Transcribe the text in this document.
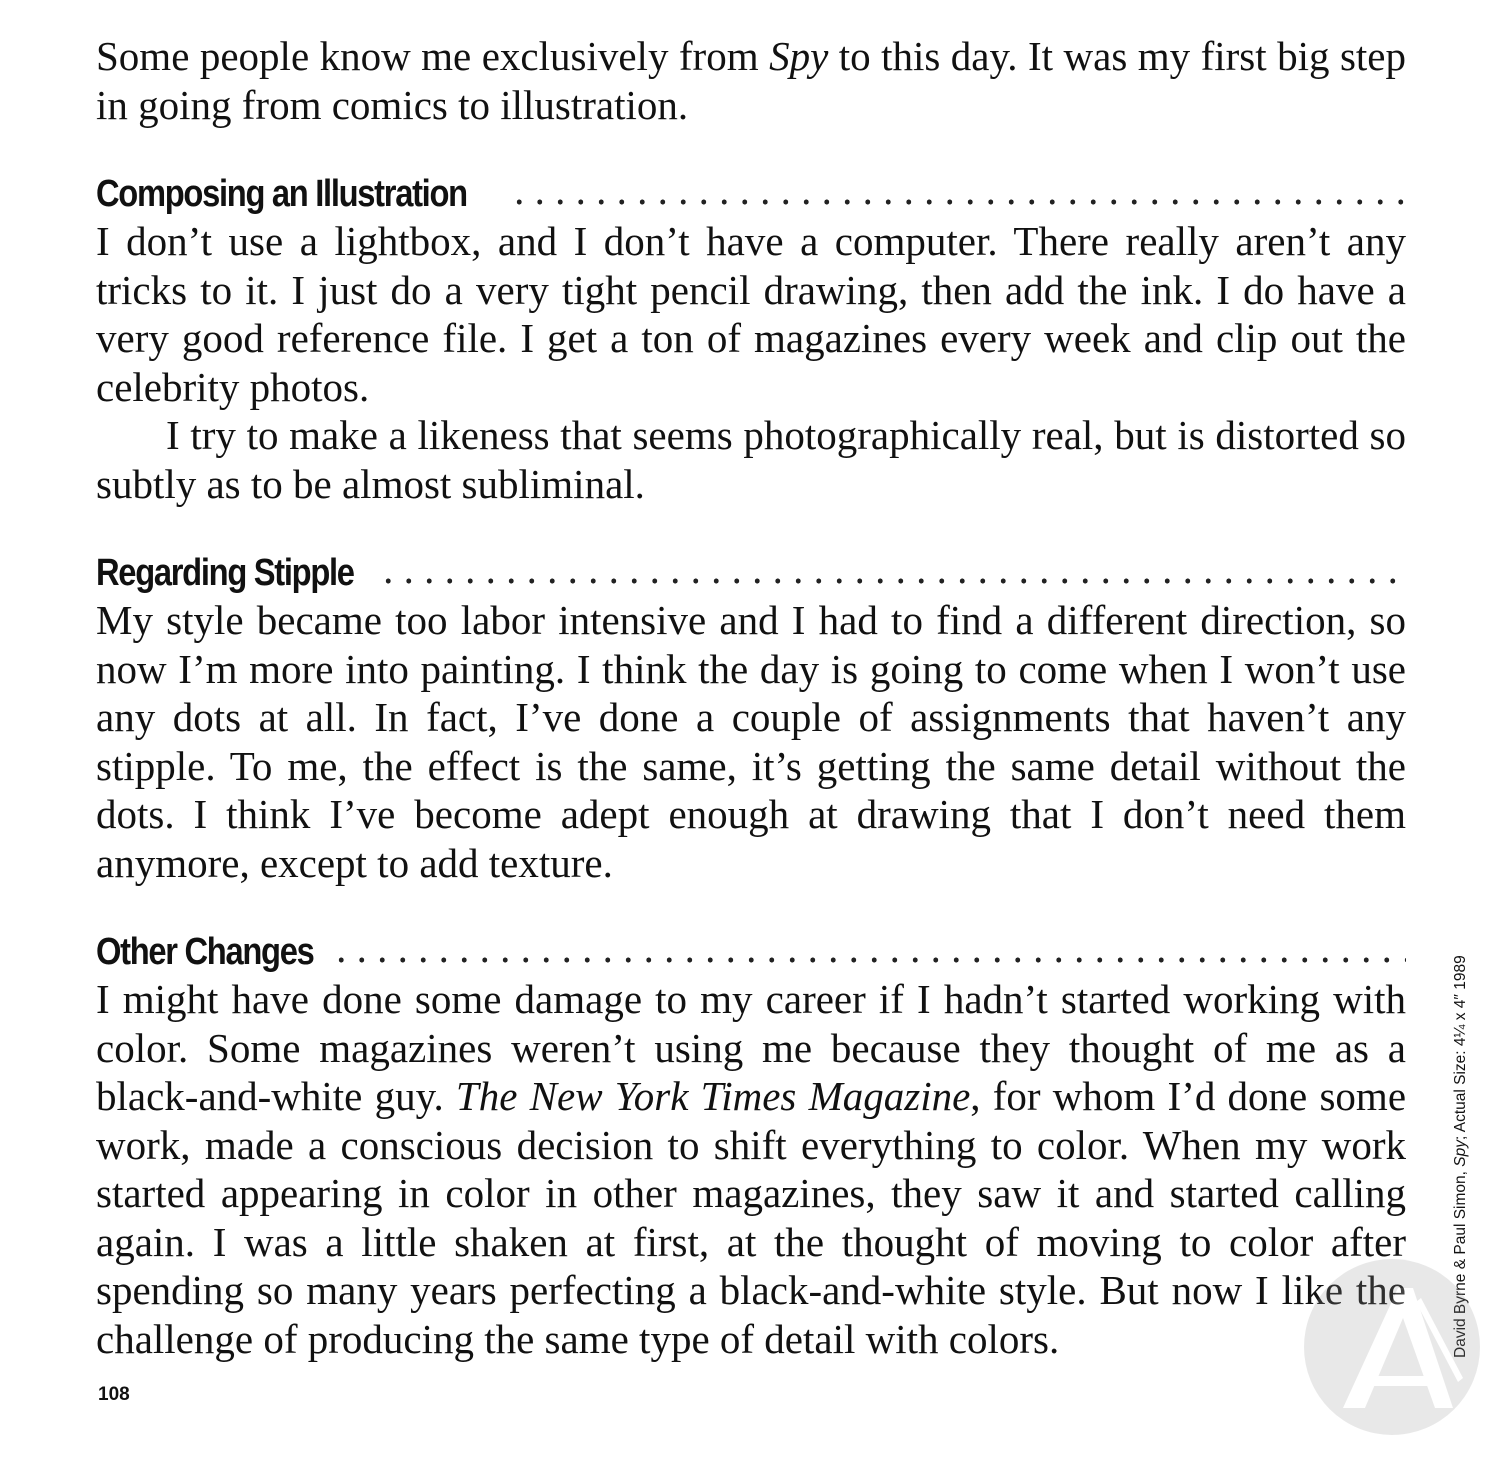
Some people know me exclusively from Spy to this day. It was my first big step in going from comics to illustration.

Composing an Illustration

I don’t use a lightbox, and I don’t have a computer. There really aren’t any tricks to it. I just do a very tight pencil drawing, then add the ink. I do have a very good reference file. I get a ton of magazines every week and clip out the celebrity photos.

I try to make a likeness that seems photographically real, but is distorted so subtly as to be almost subliminal.

Regarding Stipple

My style became too labor intensive and I had to find a different direction, so now I’m more into painting. I think the day is going to come when I won’t use any dots at all. In fact, I’ve done a couple of assignments that haven’t any stipple. To me, the effect is the same, it’s getting the same detail without the dots. I think I’ve become adept enough at drawing that I don’t need them anymore, except to add texture.

Other Changes

I might have done some damage to my career if I hadn’t started working with color. Some magazines weren’t using me because they thought of me as a black-and-white guy. The New York Times Magazine, for whom I’d done some work, made a conscious decision to shift everything to color. When my work started appearing in color in other magazines, they saw it and started calling again. I was a little shaken at first, at the thought of moving to color after spending so many years perfecting a black-and-white style. But now I like the challenge of producing the same type of detail with colors.

108
David Byrne & Paul Simon, Spy; Actual Size: 4¼ x 4″ 1989
